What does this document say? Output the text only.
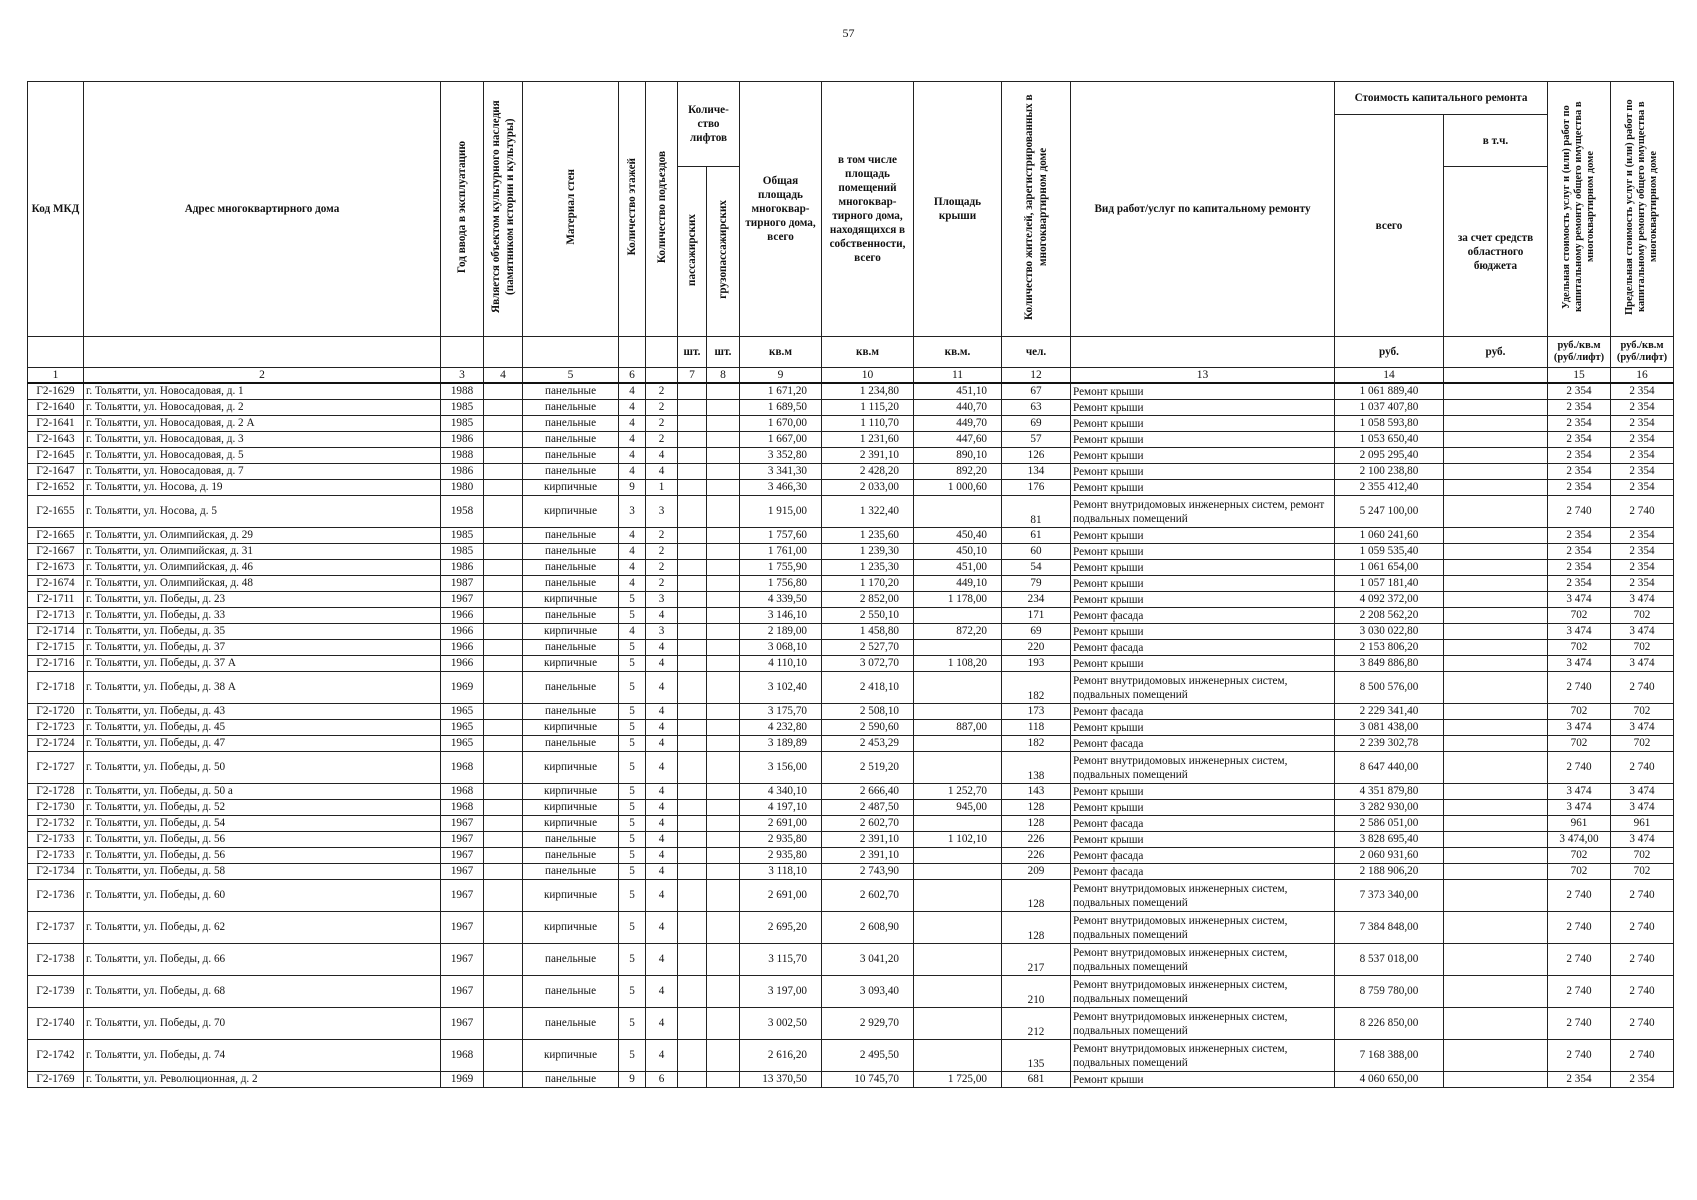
57
Код МКД	Адрес многоквартирного дома	Год ввода в эксплуатацию	Является объектом культурного наследия (памятником истории и культуры)	Материал стен	Количество этажей	Количество подъездов	Количе-ство лифтов		Общая площадь многоквар-тирного дома, всего	в том числе площадь помещений многоквар-тирного дома, находящихся в собственности, всего	Площадь крыши	Количество жителей, зарегистрированных в многоквартирном доме	Вид работ/услуг по капитальному ремонту	Стоимость капитального ремонта		Удельная стоимость услуг и (или) работ по капитальному ремонту общего имущества в многоквартирном доме	Предельная стоимость услуг и (или) работ по капитальному ремонту общего имущества в многоквартирном доме
														всего	в т.ч.		
							пассажирских	грузопассажирских							за счет средств областного бюджета		
							шт.	шт.	кв.м	кв.м	кв.м.	чел.		руб.	руб.	руб./кв.м (руб/лифт)	руб./кв.м (руб/лифт)
1	2	3	4	5	6		7	8	9	10	11	12	13	14		15	16
Г2-1629	г. Тольятти, ул. Новосадовая, д. 1	1988		панельные	4	2			1 671,20	1 234,80	451,10	67	Ремонт крыши	1 061 889,40		2 354	2 354
Г2-1640	г. Тольятти, ул. Новосадовая, д. 2	1985		панельные	4	2			1 689,50	1 115,20	440,70	63	Ремонт крыши	1 037 407,80		2 354	2 354
Г2-1641	г. Тольятти, ул. Новосадовая, д. 2 А	1985		панельные	4	2			1 670,00	1 110,70	449,70	69	Ремонт крыши	1 058 593,80		2 354	2 354
Г2-1643	г. Тольятти, ул. Новосадовая, д. 3	1986		панельные	4	2			1 667,00	1 231,60	447,60	57	Ремонт крыши	1 053 650,40		2 354	2 354
Г2-1645	г. Тольятти, ул. Новосадовая, д. 5	1988		панельные	4	4			3 352,80	2 391,10	890,10	126	Ремонт крыши	2 095 295,40		2 354	2 354
Г2-1647	г. Тольятти, ул. Новосадовая, д. 7	1986		панельные	4	4			3 341,30	2 428,20	892,20	134	Ремонт крыши	2 100 238,80		2 354	2 354
Г2-1652	г. Тольятти, ул. Носова, д. 19	1980		кирпичные	9	1			3 466,30	2 033,00	1 000,60	176	Ремонт крыши	2 355 412,40		2 354	2 354
Г2-1655	г. Тольятти, ул. Носова, д. 5	1958		кирпичные	3	3			1 915,00	1 322,40		81	Ремонт внутридомовых инженерных систем, ремонт подвальных помещений	5 247 100,00		2 740	2 740
Г2-1665	г. Тольятти, ул. Олимпийская, д. 29	1985		панельные	4	2			1 757,60	1 235,60	450,40	61	Ремонт крыши	1 060 241,60		2 354	2 354
Г2-1667	г. Тольятти, ул. Олимпийская, д. 31	1985		панельные	4	2			1 761,00	1 239,30	450,10	60	Ремонт крыши	1 059 535,40		2 354	2 354
Г2-1673	г. Тольятти, ул. Олимпийская, д. 46	1986		панельные	4	2			1 755,90	1 235,30	451,00	54	Ремонт крыши	1 061 654,00		2 354	2 354
Г2-1674	г. Тольятти, ул. Олимпийская, д. 48	1987		панельные	4	2			1 756,80	1 170,20	449,10	79	Ремонт крыши	1 057 181,40		2 354	2 354
Г2-1711	г. Тольятти, ул. Победы, д. 23	1967		кирпичные	5	3			4 339,50	2 852,00	1 178,00	234	Ремонт крыши	4 092 372,00		3 474	3 474
Г2-1713	г. Тольятти, ул. Победы, д. 33	1966		панельные	5	4			3 146,10	2 550,10		171	Ремонт фасада	2 208 562,20		702	702
Г2-1714	г. Тольятти, ул. Победы, д. 35	1966		кирпичные	4	3			2 189,00	1 458,80	872,20	69	Ремонт крыши	3 030 022,80		3 474	3 474
Г2-1715	г. Тольятти, ул. Победы, д. 37	1966		панельные	5	4			3 068,10	2 527,70		220	Ремонт фасада	2 153 806,20		702	702
Г2-1716	г. Тольятти, ул. Победы, д. 37 А	1966		кирпичные	5	4			4 110,10	3 072,70	1 108,20	193	Ремонт крыши	3 849 886,80		3 474	3 474
Г2-1718	г. Тольятти, ул. Победы, д. 38 А	1969		панельные	5	4			3 102,40	2 418,10		182	Ремонт внутридомовых инженерных систем, подвальных помещений	8 500 576,00		2 740	2 740
Г2-1720	г. Тольятти, ул. Победы, д. 43	1965		панельные	5	4			3 175,70	2 508,10		173	Ремонт фасада	2 229 341,40		702	702
Г2-1723	г. Тольятти, ул. Победы, д. 45	1965		кирпичные	5	4			4 232,80	2 590,60	887,00	118	Ремонт крыши	3 081 438,00		3 474	3 474
Г2-1724	г. Тольятти, ул. Победы, д. 47	1965		панельные	5	4			3 189,89	2 453,29		182	Ремонт фасада	2 239 302,78		702	702
Г2-1727	г. Тольятти, ул. Победы, д. 50	1968		кирпичные	5	4			3 156,00	2 519,20		138	Ремонт внутридомовых инженерных систем, подвальных помещений	8 647 440,00		2 740	2 740
Г2-1728	г. Тольятти, ул. Победы, д. 50 а	1968		кирпичные	5	4			4 340,10	2 666,40	1 252,70	143	Ремонт крыши	4 351 879,80		3 474	3 474
Г2-1730	г. Тольятти, ул. Победы, д. 52	1968		кирпичные	5	4			4 197,10	2 487,50	945,00	128	Ремонт крыши	3 282 930,00		3 474	3 474
Г2-1732	г. Тольятти, ул. Победы, д. 54	1967		кирпичные	5	4			2 691,00	2 602,70		128	Ремонт фасада	2 586 051,00		961	961
Г2-1733	г. Тольятти, ул. Победы, д. 56	1967		панельные	5	4			2 935,80	2 391,10	1 102,10	226	Ремонт крыши	3 828 695,40		3 474,00	3 474
Г2-1733	г. Тольятти, ул. Победы, д. 56	1967		панельные	5	4			2 935,80	2 391,10		226	Ремонт фасада	2 060 931,60		702	702
Г2-1734	г. Тольятти, ул. Победы, д. 58	1967		панельные	5	4			3 118,10	2 743,90		209	Ремонт фасада	2 188 906,20		702	702
Г2-1736	г. Тольятти, ул. Победы, д. 60	1967		кирпичные	5	4			2 691,00	2 602,70		128	Ремонт внутридомовых инженерных систем, подвальных помещений	7 373 340,00		2 740	2 740
Г2-1737	г. Тольятти, ул. Победы, д. 62	1967		кирпичные	5	4			2 695,20	2 608,90		128	Ремонт внутридомовых инженерных систем, подвальных помещений	7 384 848,00		2 740	2 740
Г2-1738	г. Тольятти, ул. Победы, д. 66	1967		панельные	5	4			3 115,70	3 041,20		217	Ремонт внутридомовых инженерных систем, подвальных помещений	8 537 018,00		2 740	2 740
Г2-1739	г. Тольятти, ул. Победы, д. 68	1967		панельные	5	4			3 197,00	3 093,40		210	Ремонт внутридомовых инженерных систем, подвальных помещений	8 759 780,00		2 740	2 740
Г2-1740	г. Тольятти, ул. Победы, д. 70	1967		панельные	5	4			3 002,50	2 929,70		212	Ремонт внутридомовых инженерных систем, подвальных помещений	8 226 850,00		2 740	2 740
Г2-1742	г. Тольятти, ул. Победы, д. 74	1968		кирпичные	5	4			2 616,20	2 495,50		135	Ремонт внутридомовых инженерных систем, подвальных помещений	7 168 388,00		2 740	2 740
Г2-1769	г. Тольятти, ул. Революционная, д. 2	1969		панельные	9	6			13 370,50	10 745,70	1 725,00	681	Ремонт крыши	4 060 650,00		2 354	2 354
